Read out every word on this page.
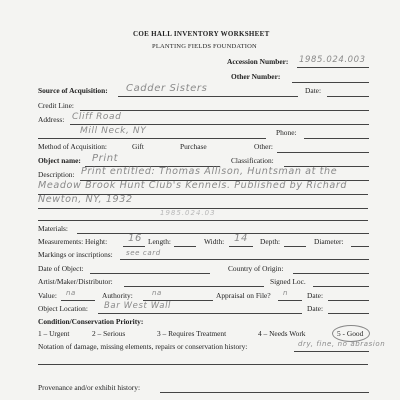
COE HALL INVENTORY WORKSHEET
PLANTING FIELDS FOUNDATION
Accession Number: 1985.024.003
Other Number:
Source of Acquisition: Cadder Sisters	Date:
Credit Line:
Address: Cliff Road
Mill Neck, NY	Phone:
Method of Acquisition:	Gift	Purchase	Other:
Object name: Print	Classification:
Description: Print entitled: Thomas Allison, Huntsman at the
Meadow Brook Hunt Club's Kennels. Published by Richard
Newton, NY, 1932
1985.024.03
Materials:
Measurements: Height: 16 Length:	Width: 14 Depth:	Diameter:
Markings or inscriptions: see card
Date of Object:	Country of Origin:
Artist/Maker/Distributor:	Signed Loc.
Value: na	Authority:	na	Appraisal on File? n	Date:
Object Location: Bar West Wall	Date:
Condition/Conservation Priority:
1 – Urgent	2 – Serious	3 – Requires Treatment	4 – Needs Work	5 - Good
Notation of damage, missing elements, repairs or conservation history:	dry, fine, no abrasion
Provenance and/or exhibit history:
